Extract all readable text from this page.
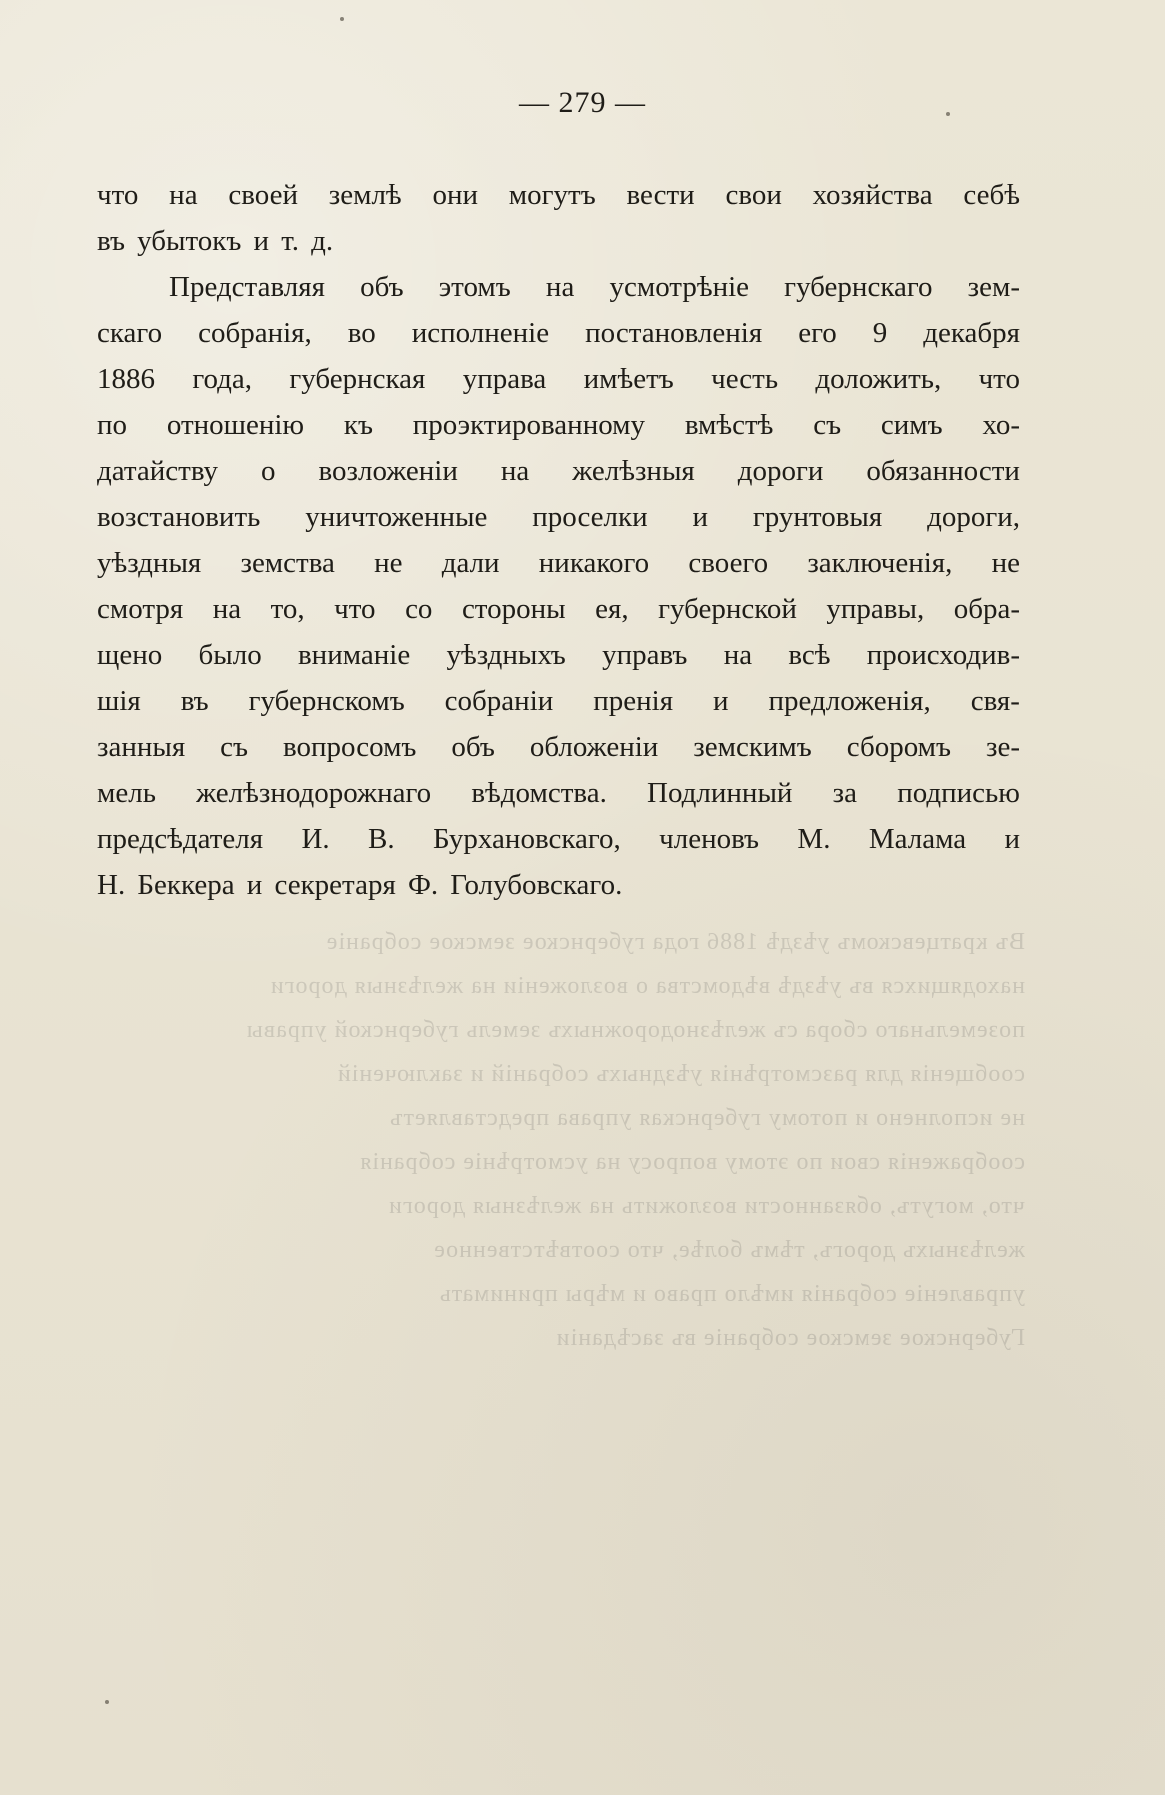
Въ кратцевскомъ уѣздѣ 1886 года губернское земское собраніе
находящихся въ уѣздѣ вѣдомства о возложеніи на желѣзныя дороги
поземельнаго сбора съ желѣзнодорожныхъ земель губернской управы
сообщенія для разсмотрѣнія уѣздныхъ собраній и заключеній
не исполнено и потому губернская управа представляетъ
соображенія свои по этому вопросу на усмотрѣніе собранія
что, могутъ, обязанности возложить на желѣзныя дороги
желѣзныхъ дорогъ, тѣмъ болѣе, что соотвѣтственное
управленіе собранія имѣло право и мѣры принимать
Губернское земское собраніе въ засѣданіи
— 279 —
что на своей землѣ они могутъ вести свои хозяйства себѣ
въ убытокъ и т. д.
Представляя объ этомъ на усмотрѣніе губернскаго зем-
скаго собранія, во исполненіе постановленія его 9 декабря
1886 года, губернская управа имѣетъ честь доложить, что
по отношенію къ проэктированному вмѣстѣ съ симъ хо-
датайству о возложеніи на желѣзныя дороги обязанности
возстановить уничтоженные проселки и грунтовыя дороги,
уѣздныя земства не дали никакого своего заключенія, не
смотря на то, что со стороны ея, губернской управы, обра-
щено было вниманіе уѣздныхъ управъ на всѣ происходив-
шія въ губернскомъ собраніи пренія и предложенія, свя-
занныя съ вопросомъ объ обложеніи земскимъ сборомъ зе-
мель желѣзнодорожнаго вѣдомства. Подлинный за подписью
предсѣдателя И. В. Бурхановскаго, членовъ М. Малама и
Н. Беккера и секретаря Ф. Голубовскаго.
